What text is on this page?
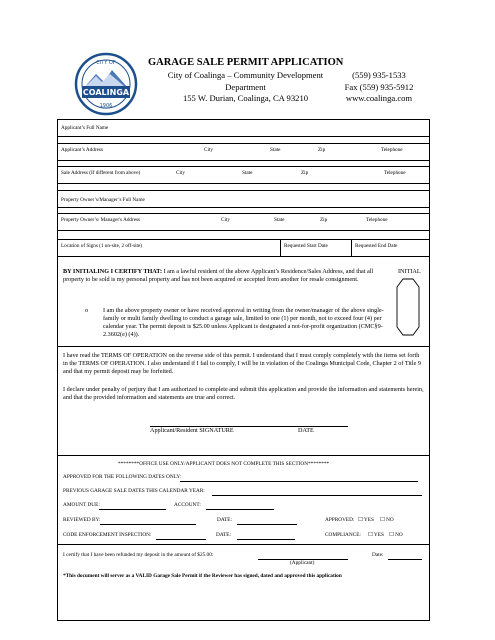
COALINGA
CITY OF
1906
GARAGE SALE PERMIT APPLICATION
City of Coalinga – Community Development
Department
155 W. Durian, Coalinga, CA 93210
(559) 935-1533
Fax (559) 935-5912
www.coalinga.com
Applicant’s Full Name
Applicant’s Address	City	State	Zip	Telephone
Sale Address (If different from above)	City	State	Zip	Telephone
Property Owner’s/Manager’s Full Name
Property Owner’s/ Manager's Address	City	State	Zip	Telephone
Location of Signs (1 on-site, 2 off-site)	Requested Start Date	Requested End Date
BY INITIALING I CERTIFY THAT: I am a lawful resident of the above Applicant’s Residence/Sales Address, and that all property to be sold is my personal property and has not been acquired or accepted from another for resale consignment.
INITIAL
o I am the above property owner or have received approval in writing from the owner/manager of the above single-family or multi family dwelling to conduct a garage sale, limited to one (1) per month, not to exceed four (4) per calendar year. The permit deposit is $25.00 unless Applicant is designated a not-for-profit organization (CMC§9-2.3602(e) (4)).
I have read the TERMS OF OPERATION on the reverse side of this permit. I understand that I must comply completely with the items set forth in the TERMS OF OPERATION. I also understand if I fail to comply, I will be in violation of the Coalinga Municipal Code, Chapter 2 of Title 9 and that my permit deposit may be forfeited.
I declare under penalty of perjury that I am authorized to complete and submit this application and provide the information and statements herein, and that the provided information and statements are true and correct.
Applicant/Resident SIGNATURE	DATE
********OFFICE USE ONLY/APPLICANT DOES NOT COMPLETE THIS SECTION********
APPROVED FOR THE FOLLOWING DATES ONLY:
PREVIOUS GARAGE SALE DATES THIS CALENDAR YEAR:
AMOUNT DUE:	ACCOUNT:
REVIEWED BY:	DATE:	APPROVED: ☐ YES ☐ NO
CODE ENFORCEMENT INSPECTION:	DATE:	COMPLIANCE: ☐ YES ☐ NO
I certify that I have been refunded my deposit in the amount of $25.00:
(Applicant)
Date:
*This document will server as a VALID Garage Sale Permit if the Reviewer has signed, dated and approved this application
